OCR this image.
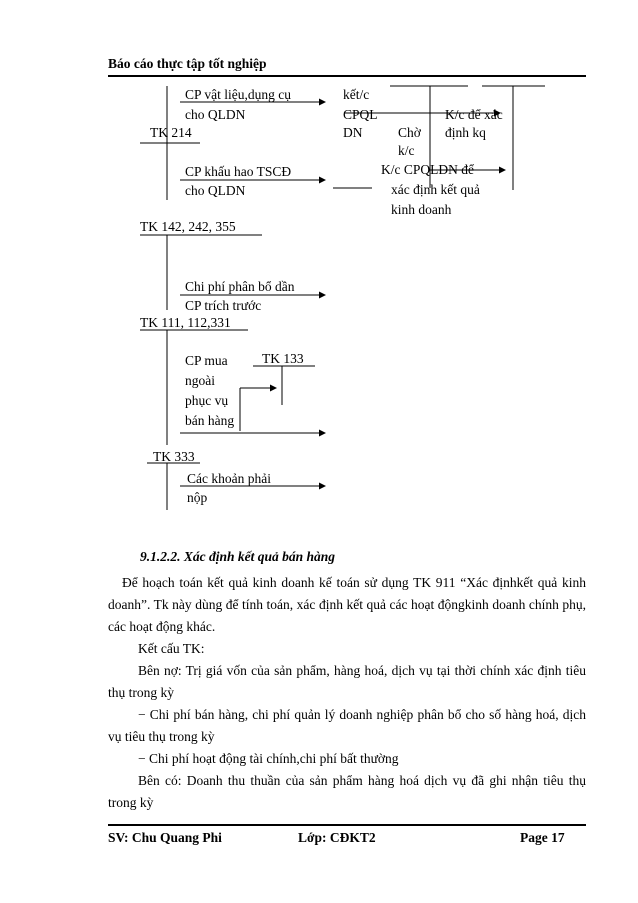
Báo cáo thực tập tốt nghiệp
CP vật liệu,dụng cụ
cho QLDN
TK 214
kết/c
CPQL
DN	Chờ
k/c
K/c để xác
định kq
CP khấu hao TSCĐ
cho QLDN
K/c CPQLDN để
xác định kết quả
kinh doanh
TK 142, 242, 355
Chi phí phân bổ dần
CP trích trước
TK 111, 112,331
CP mua
ngoài
phục vụ
bán hàng
TK 133
TK 333
Các khoản phải
nộp
9.1.2.2. Xác định kết quả bán hàng
Để hoạch toán kết quả kinh doanh kế toán sử dụng TK 911 “Xác địnhkết quả kinh doanh”. Tk này dùng để tính toán, xác định kết quả các hoạt độngkinh doanh chính phụ, các hoạt động khác.
Kết cấu TK:
Bên nợ: Trị giá vốn của sản phẩm, hàng hoá, dịch vụ tại thời chính xác định tiêu thụ trong kỳ
− Chi phí bán hàng, chi phí quản lý doanh nghiệp phân bổ cho số hàng hoá, dịch vụ tiêu thụ trong kỳ
− Chi phí hoạt động tài chính,chi phí bất thường
Bên có: Doanh thu thuần của sản phẩm hàng hoá dịch vụ đã ghi nhận tiêu thụ trong kỳ
SV: Chu Quang Phi	Lớp: CĐKT2	Page 17
